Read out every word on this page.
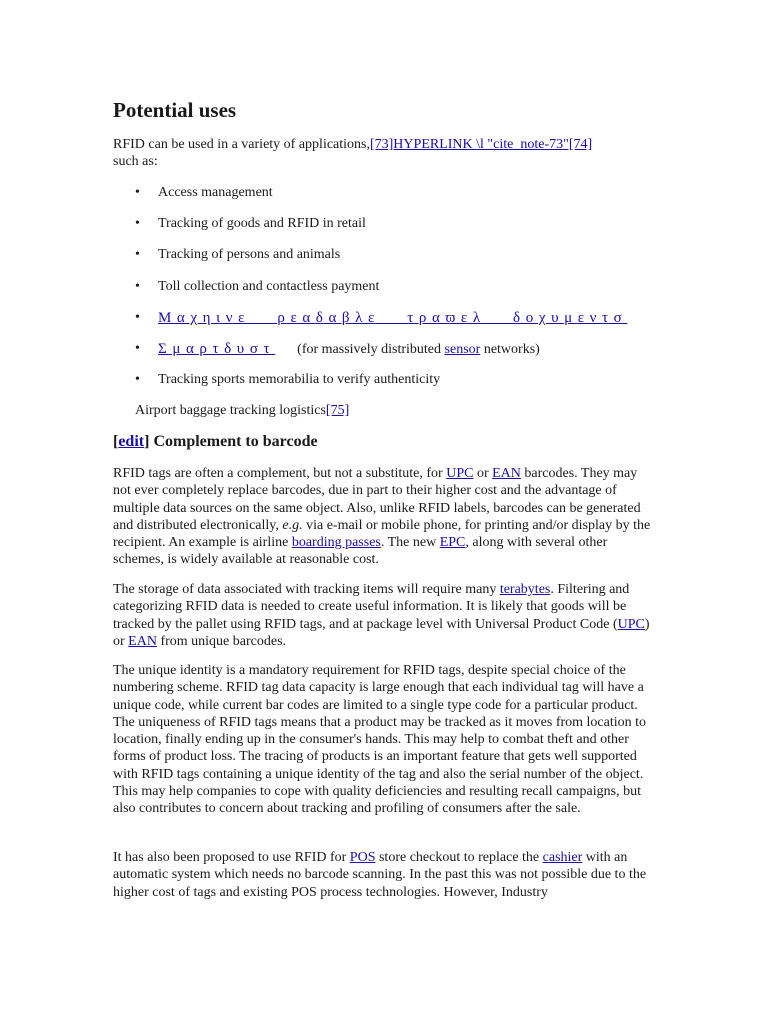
Potential uses

RFID can be used in a variety of applications,[73]HYPERLINK \l "cite_note-73"[74]
such as:

• Access management
• Tracking of goods and RFID in retail
• Tracking of persons and animals
• Toll collection and contactless payment
• Μαχηινε ρεαδαβλε τραϖελ δοχυμεντσ
• Σμαρτδυστ (for massively distributed sensor networks)
• Tracking sports memorabilia to verify authenticity

Airport baggage tracking logistics[75]

[edit] Complement to barcode

RFID tags are often a complement, but not a substitute, for UPC or EAN barcodes. They may not ever completely replace barcodes, due in part to their higher cost and the advantage of multiple data sources on the same object. Also, unlike RFID labels, barcodes can be generated and distributed electronically, e.g. via e-mail or mobile phone, for printing and/or display by the recipient. An example is airline boarding passes. The new EPC, along with several other schemes, is widely available at reasonable cost.

The storage of data associated with tracking items will require many terabytes. Filtering and categorizing RFID data is needed to create useful information. It is likely that goods will be tracked by the pallet using RFID tags, and at package level with Universal Product Code (UPC) or EAN from unique barcodes.

The unique identity is a mandatory requirement for RFID tags, despite special choice of the numbering scheme. RFID tag data capacity is large enough that each individual tag will have a unique code, while current bar codes are limited to a single type code for a particular product. The uniqueness of RFID tags means that a product may be tracked as it moves from location to location, finally ending up in the consumer's hands. This may help to combat theft and other forms of product loss. The tracing of products is an important feature that gets well supported with RFID tags containing a unique identity of the tag and also the serial number of the object. This may help companies to cope with quality deficiencies and resulting recall campaigns, but also contributes to concern about tracking and profiling of consumers after the sale.

It has also been proposed to use RFID for POS store checkout to replace the cashier with an automatic system which needs no barcode scanning. In the past this was not possible due to the higher cost of tags and existing POS process technologies. However, Industry
